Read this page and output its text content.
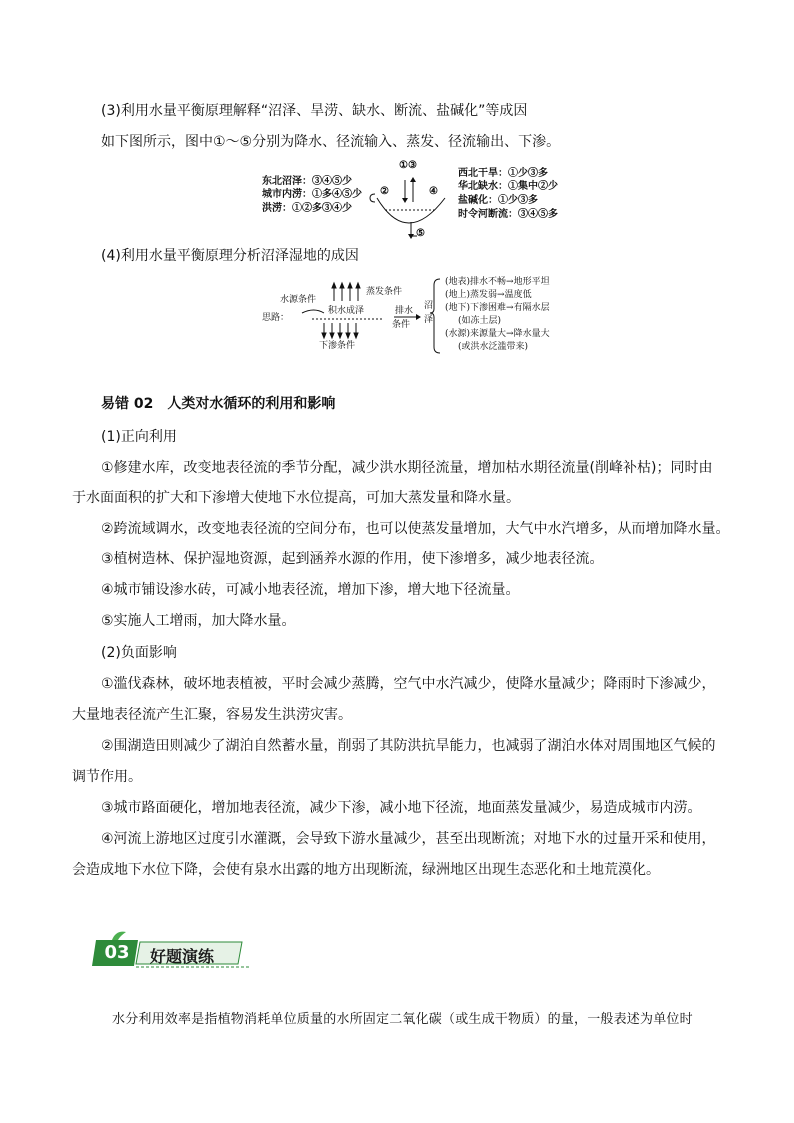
(3)利用水量平衡原理解释“沼泽、旱涝、缺水、断流、盐碱化”等成因
如下图所示，图中①～⑤分别为降水、径流输入、蒸发、径流输出、下渗。
东北沼泽：③④⑤少
城市内涝：①多④⑤少
洪涝：①②多③④少
②
①③
④
⑤
西北干旱：①少③多
华北缺水：①集中②少
盐碱化：①少③多
时令河断流：③④⑤多
(4)利用水量平衡原理分析沼泽湿地的成因
思路：
水源条件
蒸发条件
积水成泽	排水
条件
沼
泽
下渗条件
(地表)排水不畅→地形平坦
(地上)蒸发弱→温度低
(地下)下渗困难→有隔水层
(如冻土层)
(水源)来源量大→降水量大
(或洪水泛滥带来)
易错 02　人类对水循环的利用和影响
(1)正向利用
①修建水库，改变地表径流的季节分配，减少洪水期径流量，增加枯水期径流量(削峰补枯)；同时由
于水面面积的扩大和下渗增大使地下水位提高，可加大蒸发量和降水量。
②跨流域调水，改变地表径流的空间分布，也可以使蒸发量增加，大气中水汽增多，从而增加降水量。
③植树造林、保护湿地资源，起到涵养水源的作用，使下渗增多，减少地表径流。
④城市铺设渗水砖，可减小地表径流，增加下渗，增大地下径流量。
⑤实施人工增雨，加大降水量。
(2)负面影响
①滥伐森林，破坏地表植被，平时会减少蒸腾，空气中水汽减少，使降水量减少；降雨时下渗减少，
大量地表径流产生汇聚，容易发生洪涝灾害。
②围湖造田则减少了湖泊自然蓄水量，削弱了其防洪抗旱能力，也减弱了湖泊水体对周围地区气候的
调节作用。
③城市路面硬化，增加地表径流，减少下渗，减小地下径流，地面蒸发量减少，易造成城市内涝。
④河流上游地区过度引水灌溉，会导致下游水量减少，甚至出现断流；对地下水的过量开采和使用，
会造成地下水位下降，会使有泉水出露的地方出现断流，绿洲地区出现生态恶化和土地荒漠化。
03	好题演练
水分利用效率是指植物消耗单位质量的水所固定二氧化碳（或生成干物质）的量，一般表述为单位时
